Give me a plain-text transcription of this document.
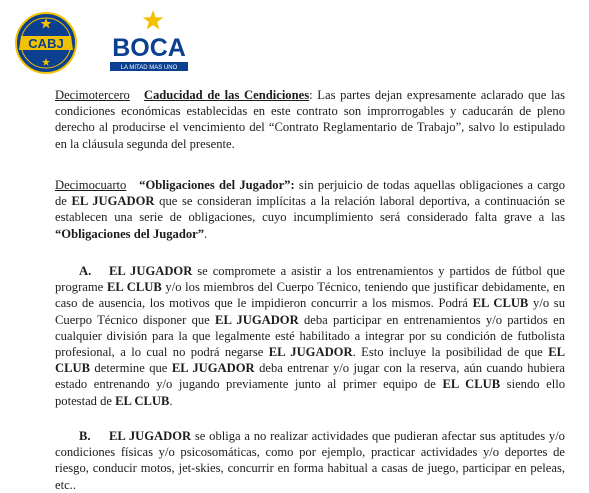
CABJ BOCA
LA MITAD MAS UNO

Decimotercero Caducidad de las Cendiciones: Las partes dejan expresamente aclarado que las condiciones económicas establecidas en este contrato son improrrogables y caducarán de pleno derecho al producirse el vencimiento del “Contrato Reglamentario de Trabajo”, salvo lo estipulado en la cláusula segunda del presente.

Decimocuarto “Obligaciones del Jugador”: sin perjuicio de todas aquellas obligaciones a cargo de EL JUGADOR que se consideran implícitas a la relación laboral deportiva, a continuación se establecen una serie de obligaciones, cuyo incumplimiento será considerado falta grave a las “Obligaciones del Jugador”.

A. EL JUGADOR se compromete a asistir a los entrenamientos y partidos de fútbol que programe EL CLUB y/o los miembros del Cuerpo Técnico, teniendo que justificar debidamente, en caso de ausencia, los motivos que le impidieron concurrir a los mismos. Podrá EL CLUB y/o su Cuerpo Técnico disponer que EL JUGADOR deba participar en entrenamientos y/o partidos en cualquier división para la que legalmente esté habilitado a integrar por su condición de futbolista profesional, a lo cual no podrá negarse EL JUGADOR. Esto incluye la posibilidad de que EL CLUB determine que EL JUGADOR deba entrenar y/o jugar con la reserva, aún cuando hubiera estado entrenando y/o jugando previamente junto al primer equipo de EL CLUB siendo ello potestad de EL CLUB.

B. EL JUGADOR se obliga a no realizar actividades que pudieran afectar sus aptitudes y/o condiciones físicas y/o psicosomáticas, como por ejemplo, practicar actividades y/o deportes de riesgo, conducir motos, jet-skies, concurrir en forma habitual a casas de juego, participar en peleas, etc..
